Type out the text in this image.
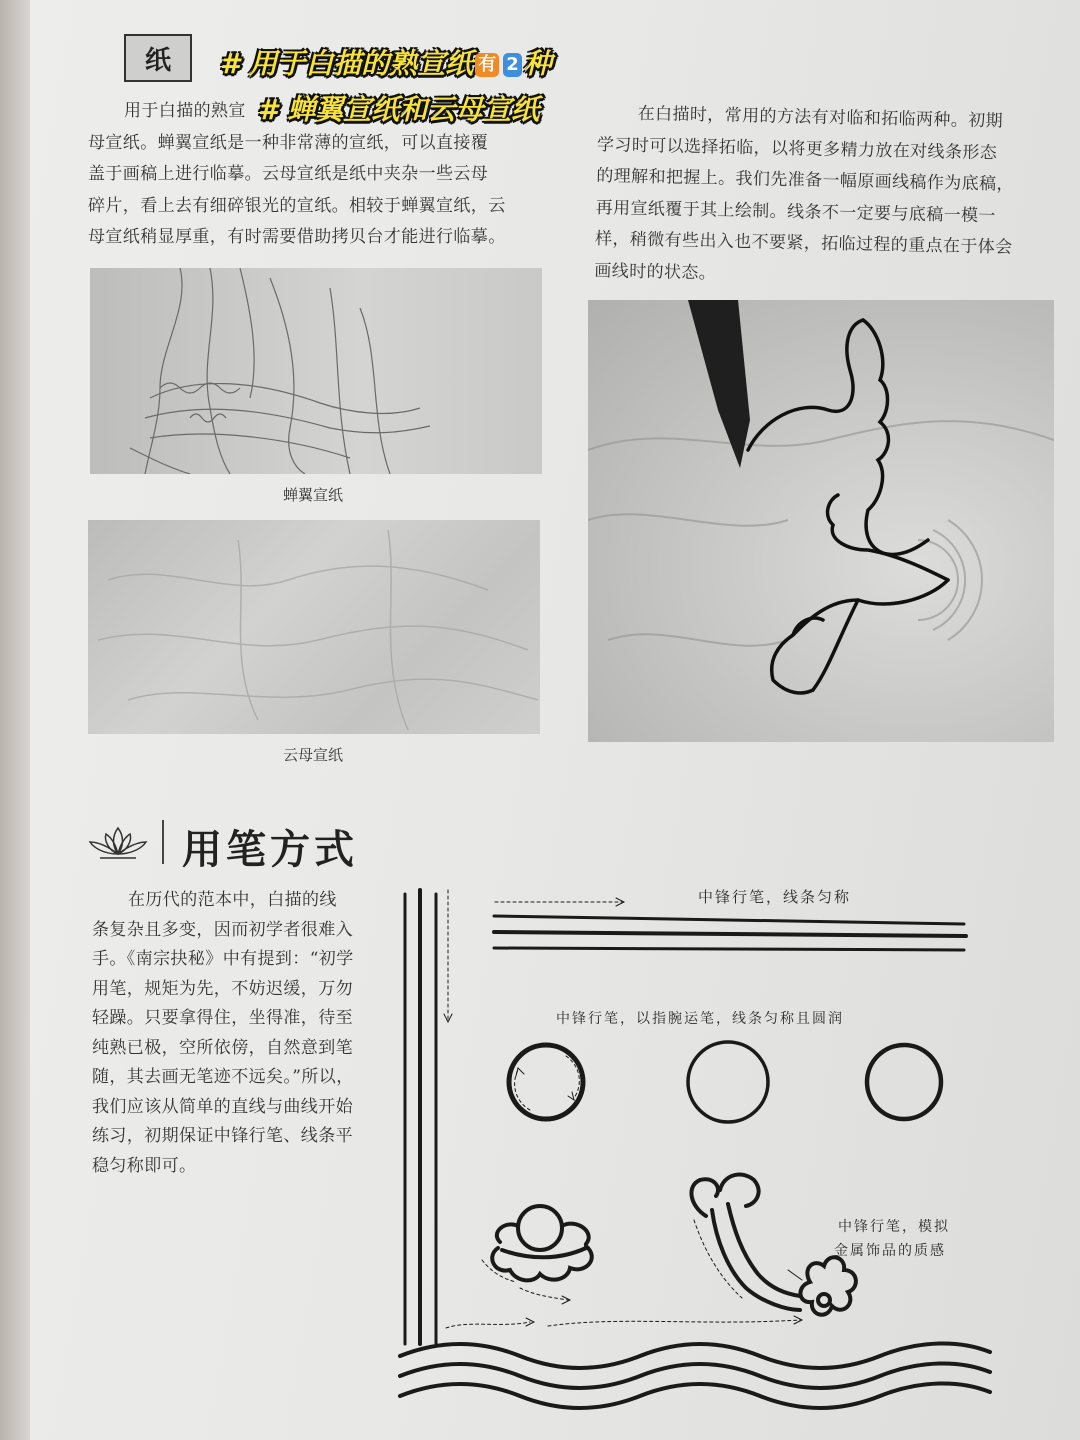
纸	# 用于白描的熟宣纸 有 2 种
# 蝉翼宣纸和云母宣纸

用于白描的熟宣

母宣纸。蝉翼宣纸是一种非常薄的宣纸，可以直接覆

盖于画稿上进行临摹。云母宣纸是纸中夹杂一些云母

碎片，看上去有细碎银光的宣纸。相较于蝉翼宣纸，云

母宣纸稍显厚重，有时需要借助拷贝台才能进行临摹。

在白描时，常用的方法有对临和拓临两种。初期

学习时可以选择拓临，以将更多精力放在对线条形态

的理解和把握上。我们先准备一幅原画线稿作为底稿，

再用宣纸覆于其上绘制。线条不一定要与底稿一模一

样，稍微有些出入也不要紧，拓临过程的重点在于体会

画线时的状态。

蝉翼宣纸
云母宣纸
用笔方式

在历代的范本中，白描的线

条复杂且多变，因而初学者很难入

手。《南宗抉秘》中有提到：“初学

用笔，规矩为先，不妨迟缓，万勿

轻躁。只要拿得住，坐得准，待至

纯熟已极，空所依傍，自然意到笔

随，其去画无笔迹不远矣。”所以，

我们应该从简单的直线与曲线开始

练习，初期保证中锋行笔、线条平

稳匀称即可。

中锋行笔，线条匀称
中锋行笔，以指腕运笔，线条匀称且圆润
中锋行笔，模拟
金属饰品的质感
